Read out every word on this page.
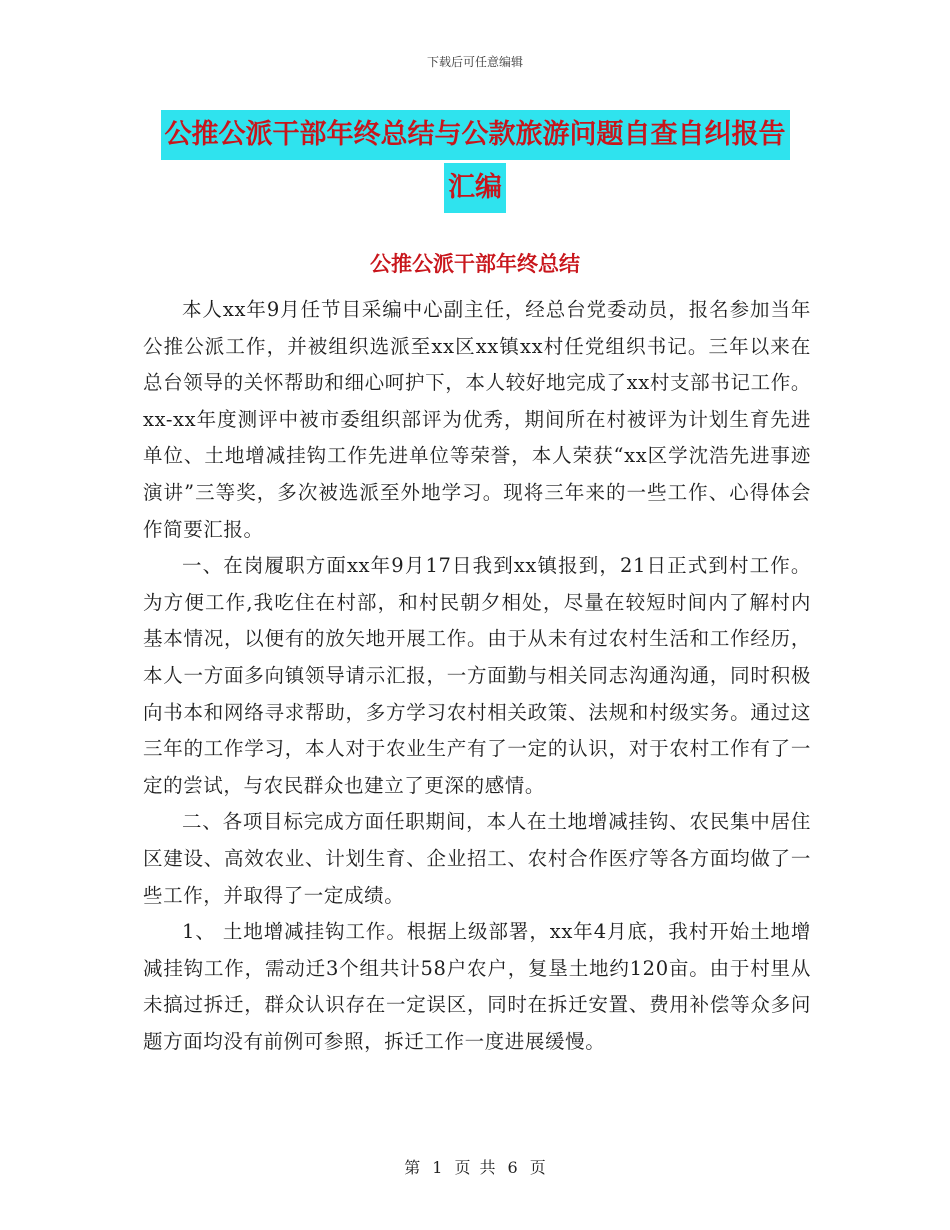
下载后可任意编辑
公推公派干部年终总结与公款旅游问题自查自纠报告
汇编
公推公派干部年终总结

本人xx年9月任节目采编中心副主任，经总台党委动员，报名参加当年公推公派工作，并被组织选派至xx区xx镇xx村任党组织书记。三年以来在总台领导的关怀帮助和细心呵护下，本人较好地完成了xx村支部书记工作。xx-xx年度测评中被市委组织部评为优秀，期间所在村被评为计划生育先进单位、土地增减挂钩工作先进单位等荣誉，本人荣获“xx区学沈浩先进事迹演讲”三等奖，多次被选派至外地学习。现将三年来的一些工作、心得体会作简要汇报。

一、在岗履职方面xx年9月17日我到xx镇报到，21日正式到村工作。为方便工作,我吃住在村部，和村民朝夕相处，尽量在较短时间内了解村内基本情况，以便有的放矢地开展工作。由于从未有过农村生活和工作经历，本人一方面多向镇领导请示汇报，一方面勤与相关同志沟通沟通，同时积极向书本和网络寻求帮助，多方学习农村相关政策、法规和村级实务。通过这三年的工作学习，本人对于农业生产有了一定的认识，对于农村工作有了一定的尝试，与农民群众也建立了更深的感情。

二、各项目标完成方面任职期间，本人在土地增减挂钩、农民集中居住区建设、高效农业、计划生育、企业招工、农村合作医疗等各方面均做了一些工作，并取得了一定成绩。

1、 土地增减挂钩工作。根据上级部署，xx年4月底，我村开始土地增减挂钩工作，需动迁3个组共计58户农户，复垦土地约120亩。由于村里从未搞过拆迁，群众认识存在一定误区，同时在拆迁安置、费用补偿等众多问题方面均没有前例可参照，拆迁工作一度进展缓慢。

第 1 页 共 6 页
